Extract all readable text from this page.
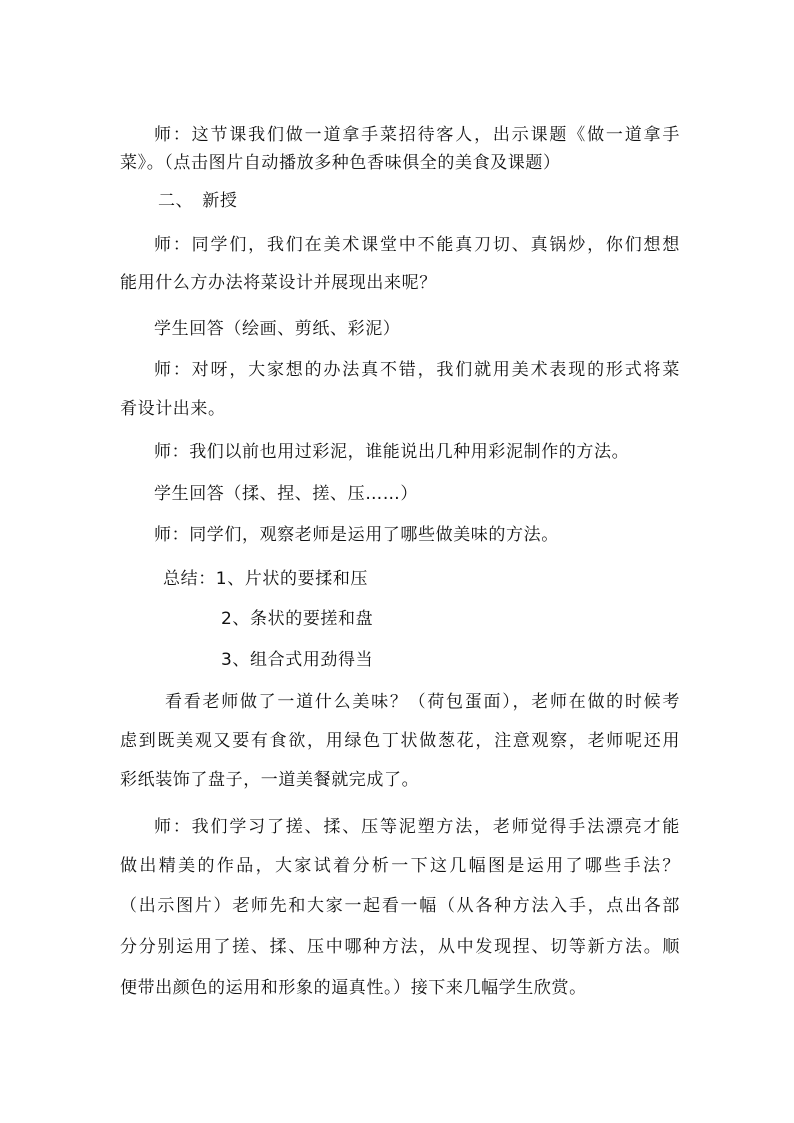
师：这节课我们做一道拿手菜招待客人，出示课题《做一道拿手
菜》。（点击图片自动播放多种色香味俱全的美食及课题）
二、　新授
师：同学们，我们在美术课堂中不能真刀切、真锅炒，你们想想
能用什么方办法将菜设计并展现出来呢？
学生回答（绘画、剪纸、彩泥）
师：对呀，大家想的办法真不错，我们就用美术表现的形式将菜
肴设计出来。
师：我们以前也用过彩泥，谁能说出几种用彩泥制作的方法。
学生回答（揉、捏、搓、压……）
师：同学们，观察老师是运用了哪些做美味的方法。
总结：1、片状的要揉和压
2、条状的要搓和盘
3、组合式用劲得当
看看老师做了一道什么美味？（荷包蛋面），老师在做的时候考
虑到既美观又要有食欲，用绿色丁状做葱花，注意观察，老师呢还用
彩纸装饰了盘子，一道美餐就完成了。
师：我们学习了搓、揉、压等泥塑方法，老师觉得手法漂亮才能
做出精美的作品，大家试着分析一下这几幅图是运用了哪些手法？
（出示图片）老师先和大家一起看一幅（从各种方法入手，点出各部
分分别运用了搓、揉、压中哪种方法，从中发现捏、切等新方法。顺
便带出颜色的运用和形象的逼真性。）接下来几幅学生欣赏。
